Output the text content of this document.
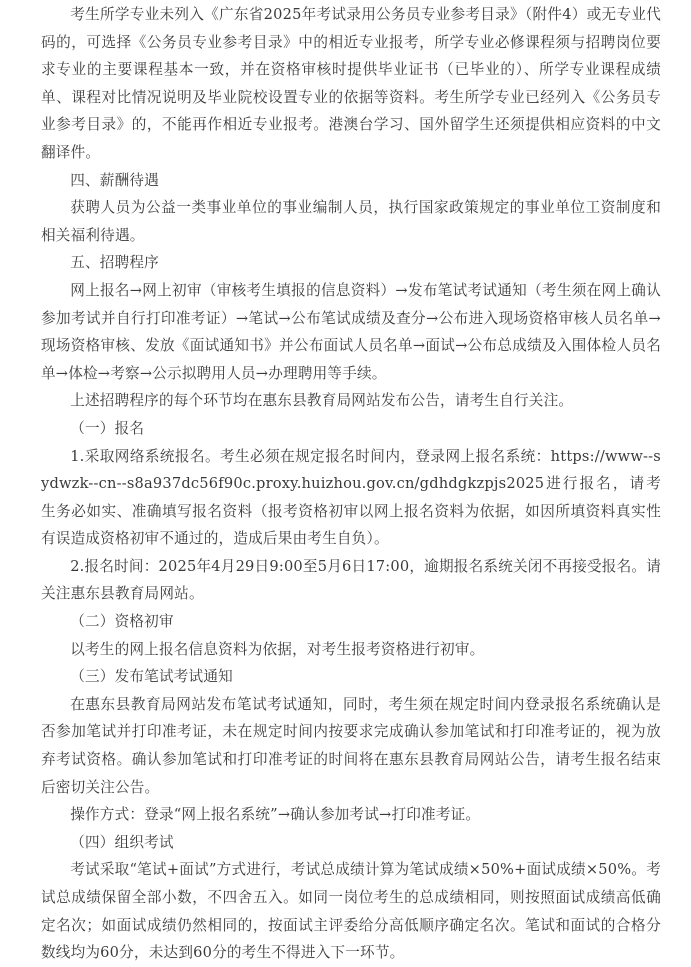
考生所学专业未列入《广东省2025年考试录用公务员专业参考目录》（附件4）或无专业代码的，可选择《公务员专业参考目录》中的相近专业报考，所学专业必修课程须与招聘岗位要求专业的主要课程基本一致，并在资格审核时提供毕业证书（已毕业的）、所学专业课程成绩单、课程对比情况说明及毕业院校设置专业的依据等资料。考生所学专业已经列入《公务员专业参考目录》的，不能再作相近专业报考。港澳台学习、国外留学生还须提供相应资料的中文翻译件。

四、薪酬待遇

获聘人员为公益一类事业单位的事业编制人员，执行国家政策规定的事业单位工资制度和相关福利待遇。

五、招聘程序

网上报名→网上初审（审核考生填报的信息资料）→发布笔试考试通知（考生须在网上确认参加考试并自行打印准考证）→笔试→公布笔试成绩及查分→公布进入现场资格审核人员名单→现场资格审核、发放《面试通知书》并公布面试人员名单→面试→公布总成绩及入围体检人员名单→体检→考察→公示拟聘用人员→办理聘用等手续。

上述招聘程序的每个环节均在惠东县教育局网站发布公告，请考生自行关注。

（一）报名

1.采取网络系统报名。考生必须在规定报名时间内，登录网上报名系统：https://www--sydwzk--cn--s8a937dc56f90c.proxy.huizhou.gov.cn/gdhdgkzpjs2025进行报名，请考生务必如实、准确填写报名资料（报考资格初审以网上报名资料为依据，如因所填资料真实性有误造成资格初审不通过的，造成后果由考生自负）。

2.报名时间：2025年4月29日9:00至5月6日17:00，逾期报名系统关闭不再接受报名。请关注惠东县教育局网站。

（二）资格初审

以考生的网上报名信息资料为依据，对考生报考资格进行初审。

（三）发布笔试考试通知

在惠东县教育局网站发布笔试考试通知，同时，考生须在规定时间内登录报名系统确认是否参加笔试并打印准考证，未在规定时间内按要求完成确认参加笔试和打印准考证的，视为放弃考试资格。确认参加笔试和打印准考证的时间将在惠东县教育局网站公告，请考生报名结束后密切关注公告。

操作方式：登录“网上报名系统”→确认参加考试→打印准考证。

（四）组织考试

考试采取“笔试+面试”方式进行，考试总成绩计算为笔试成绩×50%+面试成绩×50%。考试总成绩保留全部小数，不四舍五入。如同一岗位考生的总成绩相同，则按照面试成绩高低确定名次；如面试成绩仍然相同的，按面试主评委给分高低顺序确定名次。笔试和面试的合格分数线均为60分，未达到60分的考生不得进入下一环节。
